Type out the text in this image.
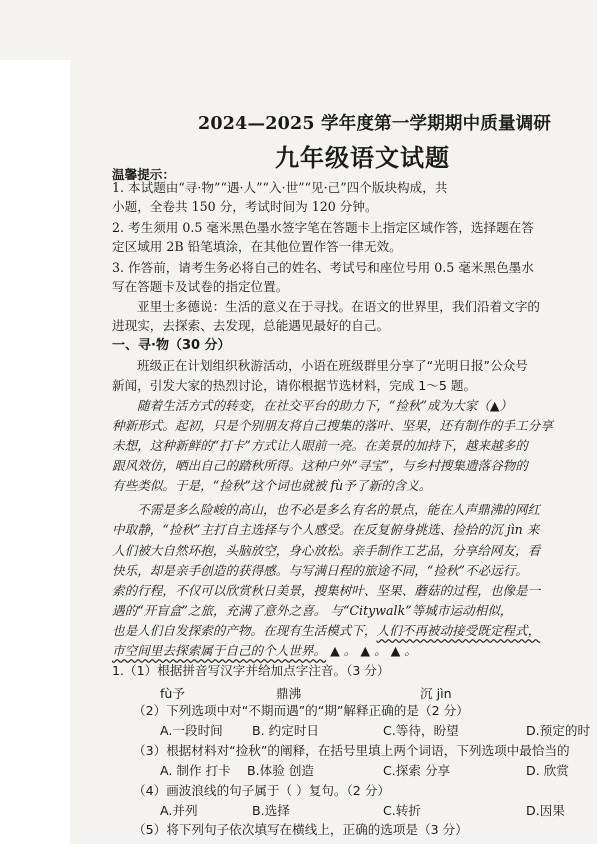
2024—2025 学年度第一学期期中质量调研
九年级语文试题
温馨提示：
1. 本试题由“寻·物”“遇·人”“入·世”“见·己”四个版块构成，共
小题，全卷共 150 分，考试时间为 120 分钟。
2. 考生须用 0.5 毫米黑色墨水签字笔在答题卡上指定区域作答，选择题在答
定区域用 2B 铅笔填涂，在其他位置作答一律无效。
3. 作答前，请考生务必将自己的姓名、考试号和座位号用 0.5 毫米黑色墨水
写在答题卡及试卷的指定位置。
亚里士多德说：生活的意义在于寻找。在语文的世界里，我们沿着文字的
进现实，去探索、去发现，总能遇见最好的自己。
一、寻·物（30 分）
班级正在计划组织秋游活动，小语在班级群里分享了“光明日报”公众号
新闻，引发大家的热烈讨论，请你根据节选材料，完成 1～5 题。
随着生活方式的转变，在社交平台的助力下，“捡秋”成为大家（▲）
种新形式。起初，只是个别朋友将自己搜集的落叶、坚果，还有制作的手工分享
未想，这种新鲜的“打卡”方式让人眼前一亮。在美景的加持下，越来越多的
跟风效仿，晒出自己的踏秋所得。这种户外“寻宝”，与乡村搜集遗落谷物的
有些类似。于是，“捡秋”这个词也就被 fù予了新的含义。
不需是多么险峻的高山，也不必是多么有名的景点，能在人声鼎沸的网红
中取静，“捡秋”主打自主选择与个人感受。在反复俯身挑选、捡拾的沉 jìn 来
人们被大自然环抱，头脑放空，身心放松。亲手制作工艺品，分享给网友，看
快乐，却是亲手创造的获得感。与写满日程的旅途不同，“捡秋”不必远行。
索的行程，不仅可以欣赏秋日美景，搜集树叶、坚果、蘑菇的过程，也像是一
遇的“开盲盒”之旅，充满了意外之喜。 与“Citywalk”等城市运动相似，
也是人们自发探索的产物。在现有生活模式下，人们不再被动接受既定程式，
市空间里去探索属于自己的个人世界。 ▲ 。 ▲ 。 ▲ 。
1.（1）根据拼音写汉字并给加点字注音。（3 分）
fù予	鼎沸	沉 jìn
（2）下列选项中对“不期而遇”的“期”解释正确的是（2 分）
A.一段时间 B. 约定时日	C.等待，盼望	D.预定的时
（3）根据材料对“捡秋”的阐释，在括号里填上两个词语，下列选项中最恰当的
A. 制作 打卡 B.体验 创造	C.探索 分享	D. 欣赏
（4）画波浪线的句子属于（ ）复句。（2 分）
A.并列	B.选择	C.转折	D.因果
（5）将下列句子依次填写在横线上，正确的选项是（3 分）
